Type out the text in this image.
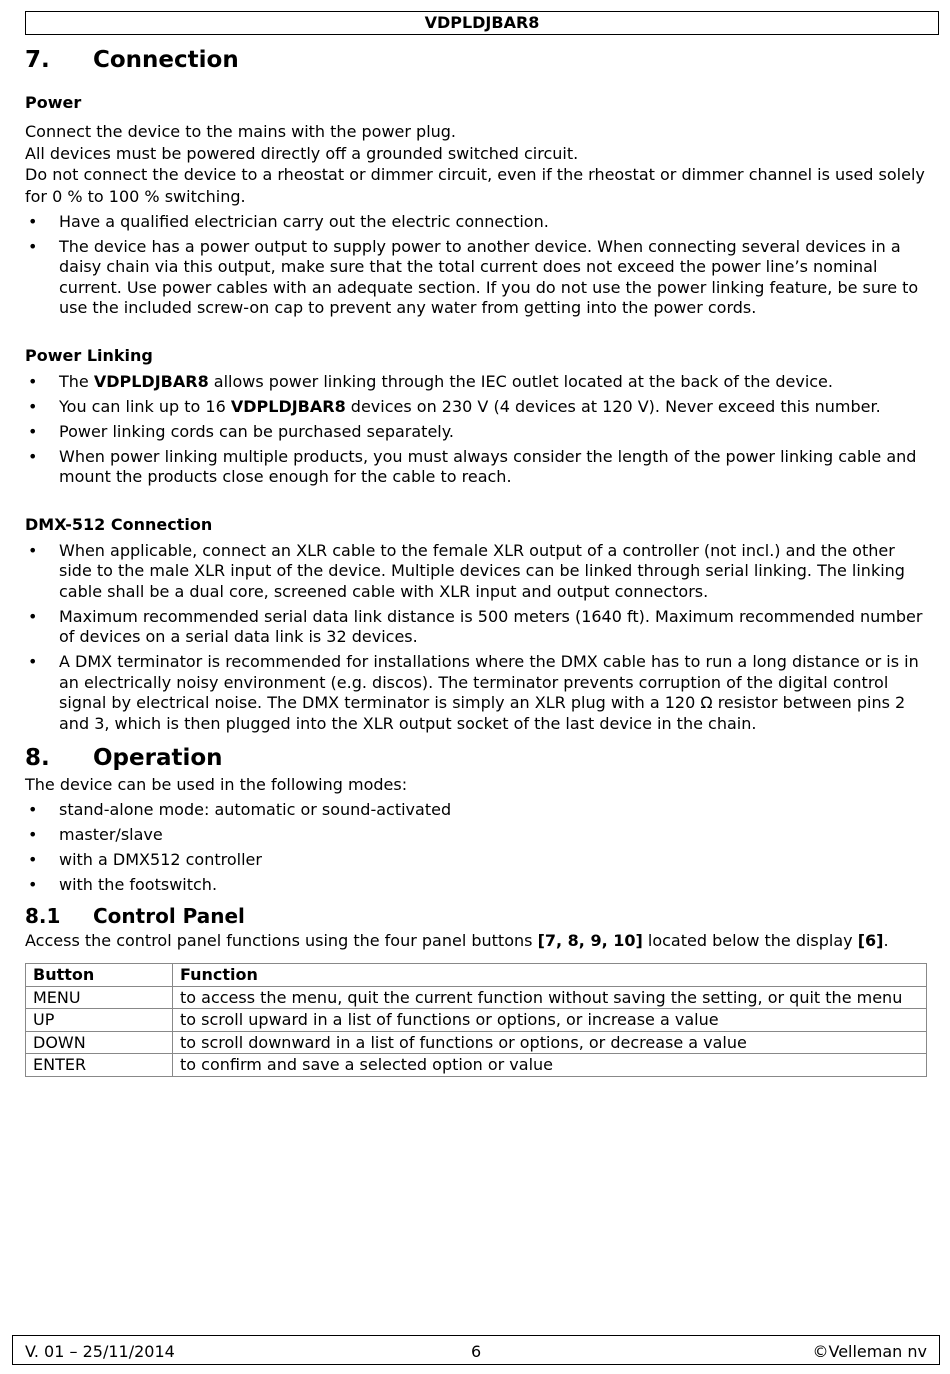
VDPLDJBAR8
7.	Connection
Power

Connect the device to the mains with the power plug.

All devices must be powered directly off a grounded switched circuit.

Do not connect the device to a rheostat or dimmer circuit, even if the rheostat or dimmer channel is used solely for 0 % to 100 % switching.

• Have a qualified electrician carry out the electric connection.
• The device has a power output to supply power to another device. When connecting several devices in a daisy chain via this output, make sure that the total current does not exceed the power line’s nominal current. Use power cables with an adequate section. If you do not use the power linking feature, be sure to use the included screw-on cap to prevent any water from getting into the power cords.
Power Linking
• The VDPLDJBAR8 allows power linking through the IEC outlet located at the back of the device.
• You can link up to 16 VDPLDJBAR8 devices on 230 V (4 devices at 120 V). Never exceed this number.
• Power linking cords can be purchased separately.
• When power linking multiple products, you must always consider the length of the power linking cable and mount the products close enough for the cable to reach.
DMX-512 Connection
• When applicable, connect an XLR cable to the female XLR output of a controller (not incl.) and the other side to the male XLR input of the device. Multiple devices can be linked through serial linking. The linking cable shall be a dual core, screened cable with XLR input and output connectors.
• Maximum recommended serial data link distance is 500 meters (1640 ft). Maximum recommended number of devices on a serial data link is 32 devices.
• A DMX terminator is recommended for installations where the DMX cable has to run a long distance or is in an electrically noisy environment (e.g. discos). The terminator prevents corruption of the digital control signal by electrical noise. The DMX terminator is simply an XLR plug with a 120 Ω resistor between pins 2 and 3, which is then plugged into the XLR output socket of the last device in the chain.
8.	Operation

The device can be used in the following modes:

• stand-alone mode: automatic or sound-activated
• master/slave
• with a DMX512 controller
• with the footswitch.
8.1	Control Panel

Access the control panel functions using the four panel buttons [7, 8, 9, 10] located below the display [6].

Button	Function
MENU	to access the menu, quit the current function without saving the setting, or quit the menu
UP	to scroll upward in a list of functions or options, or increase a value
DOWN	to scroll downward in a list of functions or options, or decrease a value
ENTER	to confirm and save a selected option or value
V. 01 – 25/11/2014	6	©Velleman nv
